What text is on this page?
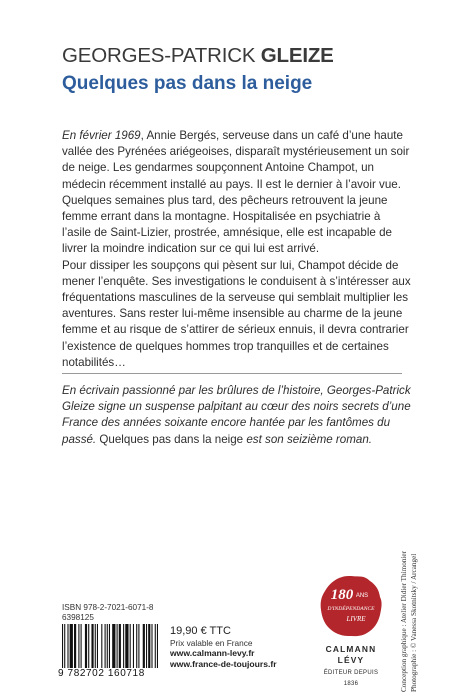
GEORGES-PATRICK GLEIZE
Quelques pas dans la neige

En février 1969, Annie Bergés, serveuse dans un café d’une haute vallée des Pyrénées ariégeoises, disparaît mystérieusement un soir de neige. Les gendarmes soupçonnent Antoine Champot, un médecin récemment installé au pays. Il est le dernier à l’avoir vue.

Quelques semaines plus tard, des pêcheurs retrouvent la jeune femme errant dans la montagne. Hospitalisée en psychiatrie à l’asile de Saint-Lizier, prostrée, amnésique, elle est incapable de livrer la moindre indication sur ce qui lui est arrivé.

Pour dissiper les soupçons qui pèsent sur lui, Champot décide de mener l’enquête. Ses investigations le conduisent à s’intéresser aux fréquentations masculines de la serveuse qui semblait multiplier les aventures. Sans rester lui-même insensible au charme de la jeune femme et au risque de s’attirer de sérieux ennuis, il devra contrarier l’existence de quelques hommes trop tranquilles et de certaines notabilités…

En écrivain passionné par les brûlures de l’histoire, Georges-Patrick Gleize signe un suspense palpitant au cœur des noirs secrets d’une France des années soixante encore hantée par les fantômes du passé. Quelques pas dans la neige est son seizième roman.

Conception graphique : Atelier Didier Thimonier Photographie : © Vanessa Skotnitsky / Arcangel
ISBN 978-2-7021-6071-8
6398125
9 782702 160718
19,90 € TTC
Prix valable en France
www.calmann-levy.fr
www.france-de-toujours.fr
180 ANS
D'INDÉPENDANCE
LIVRE
CALMANN
LÉVY
ÉDITEUR DEPUIS 1836
